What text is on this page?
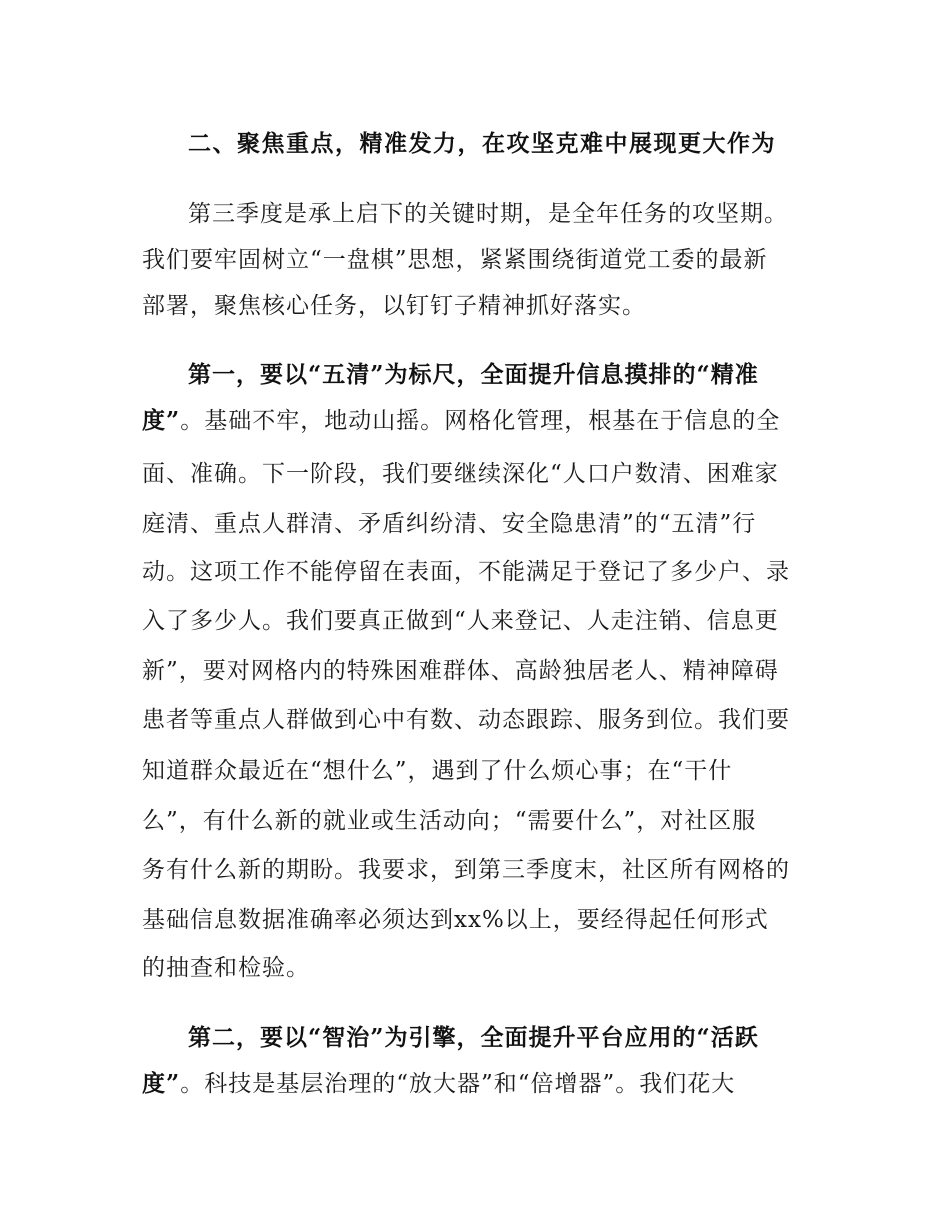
二、聚焦重点，精准发力，在攻坚克难中展现更大作为
第三季度是承上启下的关键时期，是全年任务的攻坚期。
我们要牢固树立“一盘棋”思想，紧紧围绕街道党工委的最新
部署，聚焦核心任务，以钉钉子精神抓好落实。
第一，要以“五清”为标尺，全面提升信息摸排的“精准
度”。基础不牢，地动山摇。网格化管理，根基在于信息的全
面、准确。下一阶段，我们要继续深化“人口户数清、困难家
庭清、重点人群清、矛盾纠纷清、安全隐患清”的“五清”行
动。这项工作不能停留在表面，不能满足于登记了多少户、录
入了多少人。我们要真正做到“人来登记、人走注销、信息更
新”，要对网格内的特殊困难群体、高龄独居老人、精神障碍
患者等重点人群做到心中有数、动态跟踪、服务到位。我们要
知道群众最近在“想什么”，遇到了什么烦心事；在“干什
么”，有什么新的就业或生活动向；“需要什么”，对社区服
务有什么新的期盼。我要求，到第三季度末，社区所有网格的
基础信息数据准确率必须达到xx%以上，要经得起任何形式
的抽查和检验。
第二，要以“智治”为引擎，全面提升平台应用的“活跃
度”。科技是基层治理的“放大器”和“倍增器”。我们花大
